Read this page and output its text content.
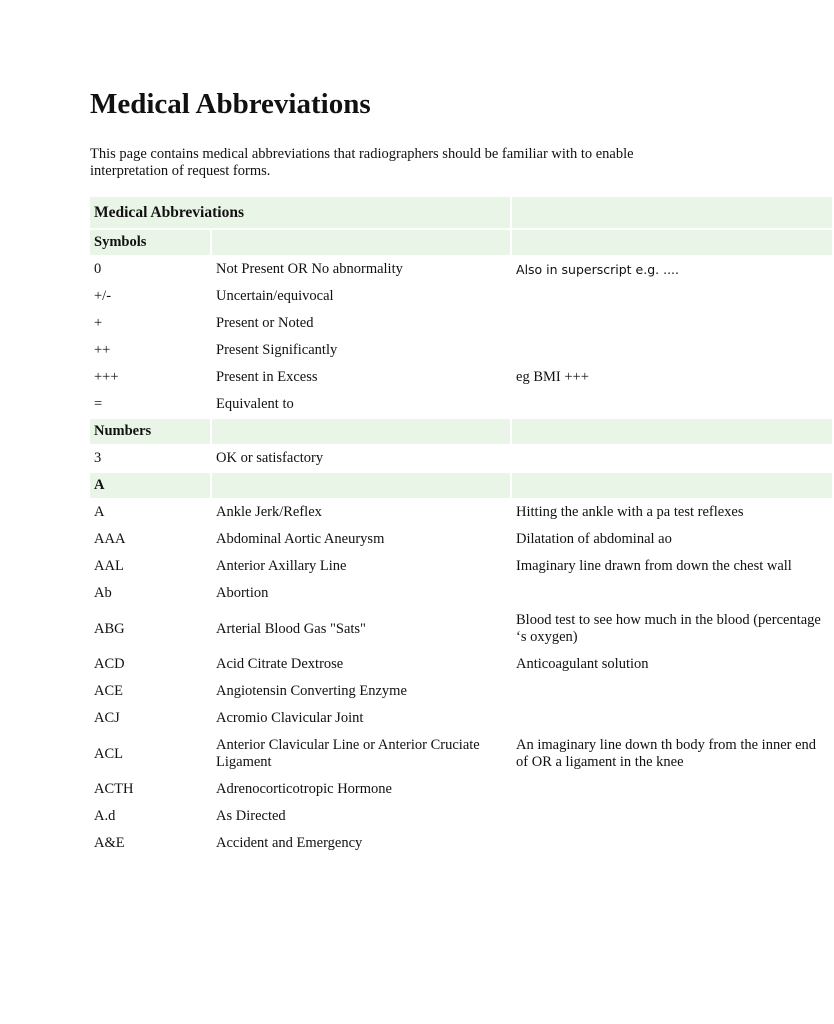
Medical Abbreviations

This page contains medical abbreviations that radiographers should be familiar with to enable interpretation of request forms.

Medical Abbreviations		
Symbols		
0	Not Present OR No abnormality	Also in superscript e.g. ....
+/-	Uncertain/equivocal	
+	Present or Noted	
++	Present Significantly	
+++	Present in Excess	eg BMI +++
=	Equivalent to	
Numbers		
3	OK or satisfactory	
A		
A	Ankle Jerk/Reflex	Hitting the ankle with a pa test reflexes
AAA	Abdominal Aortic Aneurysm	Dilatation of abdominal ao
AAL	Anterior Axillary Line	Imaginary line drawn from down the chest wall
Ab	Abortion	
ABG	Arterial Blood Gas "Sats"	Blood test to see how much in the blood (percentage ‘s oxygen)
ACD	Acid Citrate Dextrose	Anticoagulant solution
ACE	Angiotensin Converting Enzyme	
ACJ	Acromio Clavicular Joint	
ACL	Anterior Clavicular Line or Anterior Cruciate Ligament	An imaginary line down th body from the inner end of OR a ligament in the knee
ACTH	Adrenocorticotropic Hormone	
A.d	As Directed	
A&E	Accident and Emergency	
